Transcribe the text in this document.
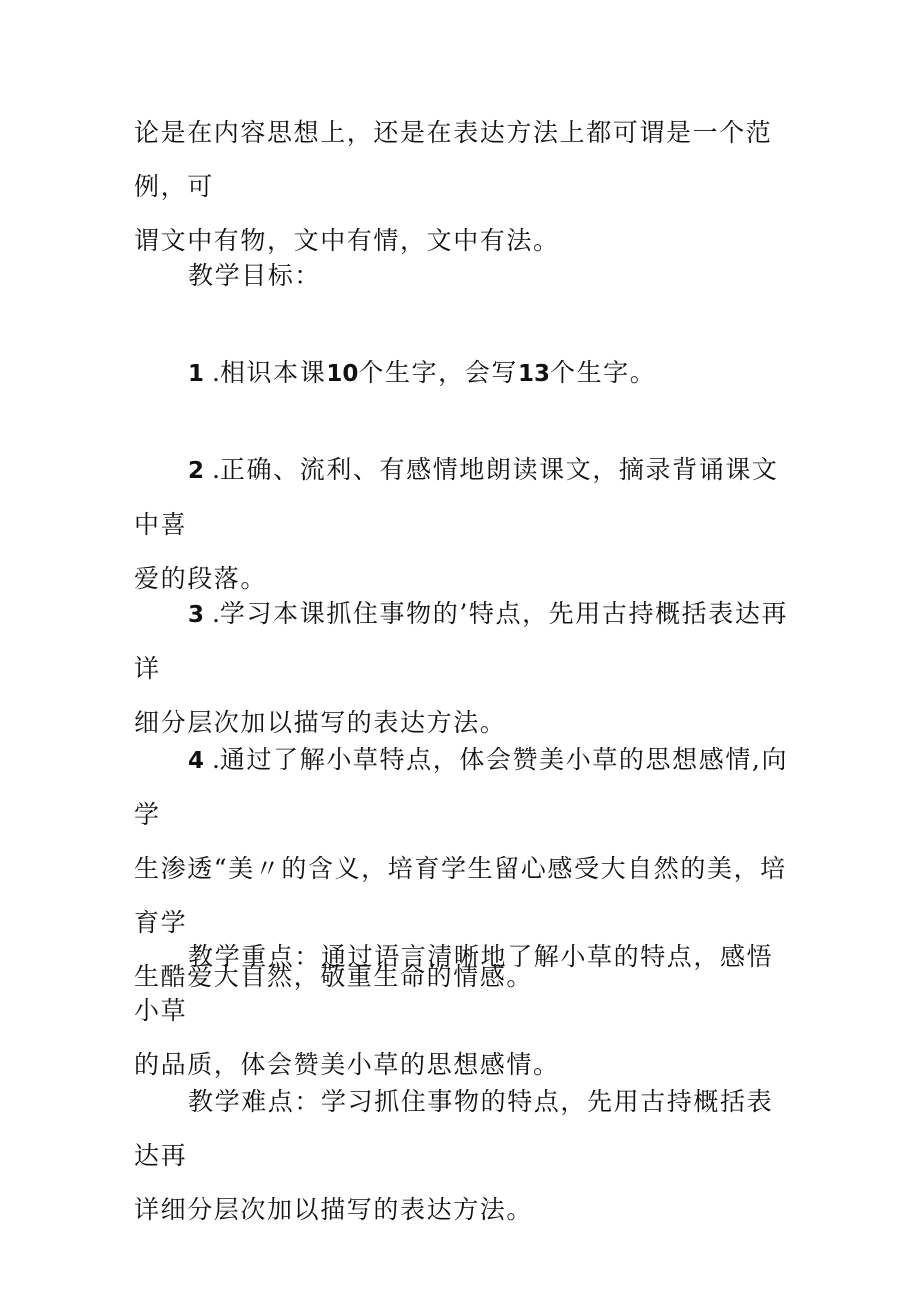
论是在内容思想上，还是在表达方法上都可谓是一个范例，可
谓文中有物，文中有情，文中有法。
教学目标：
1 .相识本课10个生字，会写13个生字。
2 .正确、流利、有感情地朗读课文，摘录背诵课文中喜
爱的段落。
3 .学习本课抓住事物的’特点，先用古持概括表达再详
细分层次加以描写的表达方法。
4 .通过了解小草特点，体会赞美小草的思想感情,向学
生渗透“美〃的含义，培育学生留心感受大自然的美，培育学
生酷爱大自然，敬重生命的情感。
教学重点：通过语言清晰地了解小草的特点，感悟小草
的品质，体会赞美小草的思想感情。
教学难点：学习抓住事物的特点，先用古持概括表达再
详细分层次加以描写的表达方法。
